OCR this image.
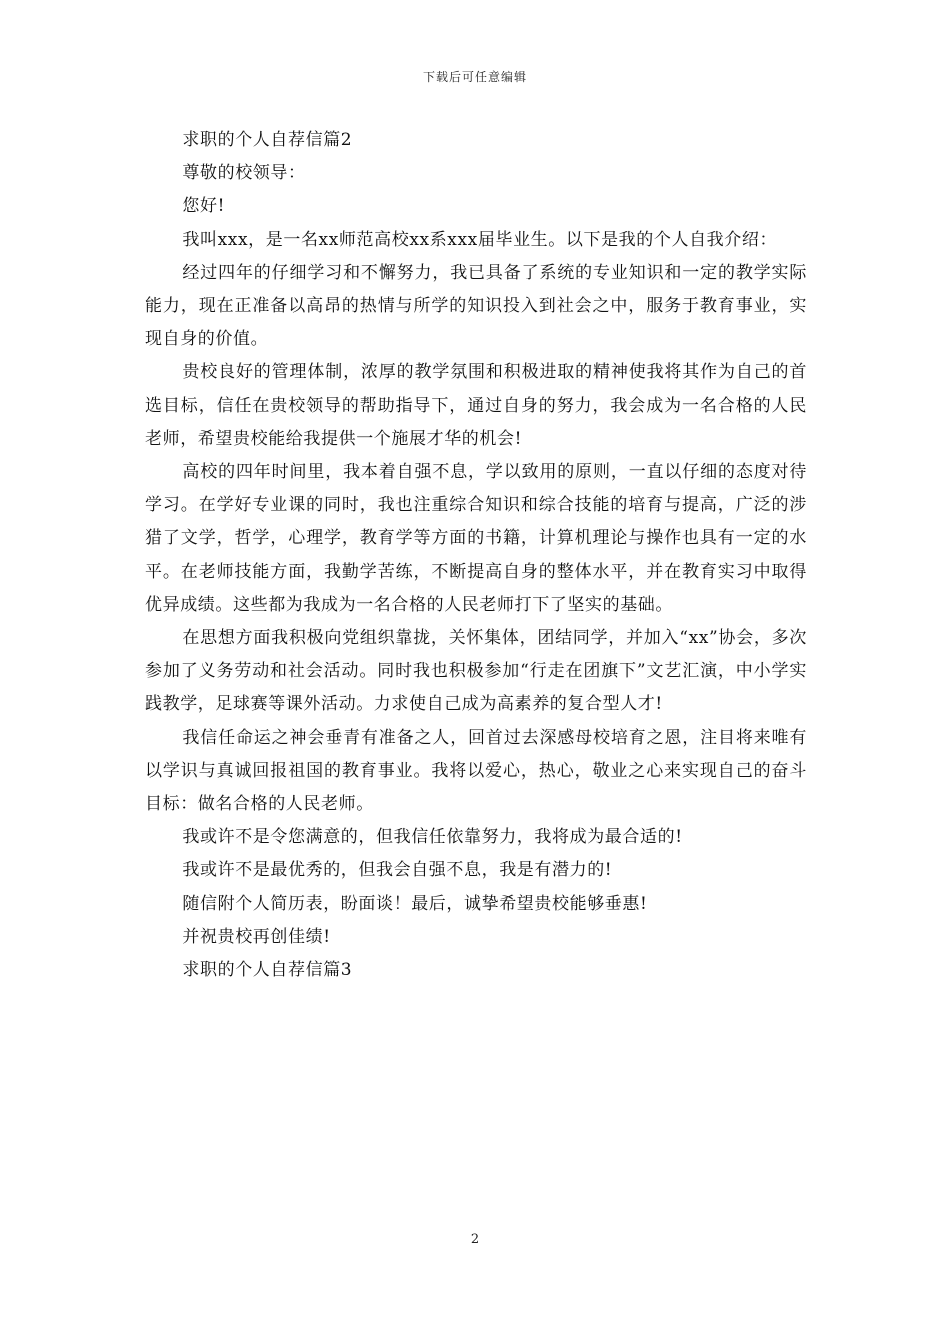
下载后可任意编辑

求职的个人自荐信篇2

尊敬的校领导：

您好!

我叫xxx，是一名xx师范高校xx系xxx届毕业生。以下是我的个人自我介绍：

经过四年的仔细学习和不懈努力，我已具备了系统的专业知识和一定的教学实际能力，现在正准备以高昂的热情与所学的知识投入到社会之中，服务于教育事业，实现自身的价值。

贵校良好的管理体制，浓厚的教学氛围和积极进取的精神使我将其作为自己的首选目标，信任在贵校领导的帮助指导下，通过自身的努力，我会成为一名合格的人民老师，希望贵校能给我提供一个施展才华的机会!

高校的四年时间里，我本着自强不息，学以致用的原则，一直以仔细的态度对待学习。在学好专业课的同时，我也注重综合知识和综合技能的培育与提高，广泛的涉猎了文学，哲学，心理学，教育学等方面的书籍，计算机理论与操作也具有一定的水平。在老师技能方面，我勤学苦练，不断提高自身的整体水平，并在教育实习中取得优异成绩。这些都为我成为一名合格的人民老师打下了坚实的基础。

在思想方面我积极向党组织靠拢，关怀集体，团结同学，并加入“xx”协会，多次参加了义务劳动和社会活动。同时我也积极参加“行走在团旗下”文艺汇演，中小学实践教学，足球赛等课外活动。力求使自己成为高素养的复合型人才!

我信任命运之神会垂青有准备之人，回首过去深感母校培育之恩，注目将来唯有以学识与真诚回报祖国的教育事业。我将以爱心，热心，敬业之心来实现自己的奋斗目标：做名合格的人民老师。

我或许不是令您满意的，但我信任依靠努力，我将成为最合适的!

我或许不是最优秀的，但我会自强不息，我是有潜力的!

随信附个人简历表，盼面谈！最后，诚挚希望贵校能够垂惠!

并祝贵校再创佳绩!

求职的个人自荐信篇3

2
